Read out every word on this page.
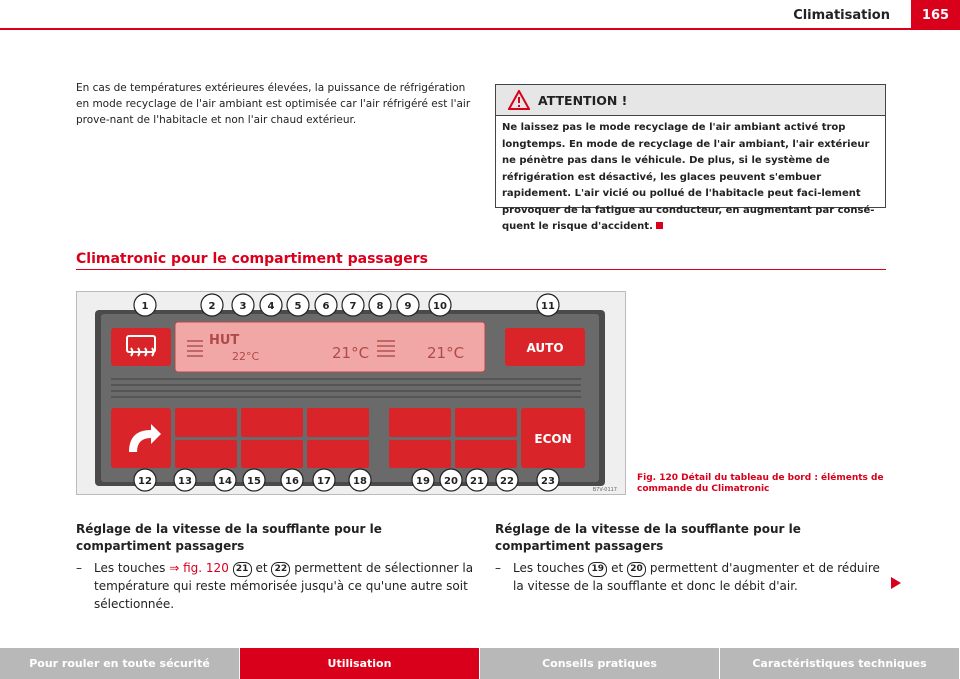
Climatisation	165
En cas de températures extérieures élevées, la puissance de réfrigération en mode recyclage de l'air ambiant est optimisée car l'air réfrigéré est l'air prove-nant de l'habitacle et non l'air chaud extérieur.
ATTENTION !
Ne laissez pas le mode recyclage de l'air ambiant activé trop longtemps. En mode de recyclage de l'air ambiant, l'air extérieur ne pénètre pas dans le véhicule. De plus, si le système de réfrigération est désactivé, les glaces peuvent s'embuer rapidement. L'air vicié ou pollué de l'habitacle peut faci-lement provoquer de la fatigue au conducteur, en augmentant par consé-quent le risque d'accident.
Climatronic pour le compartiment passagers
HUT
22°C	21°C	21°C	AUTO
ECON
1	2 3 4 5 6 7 8 9 10	11
12	13	14 15 16 17 18	19 20 21 22	23
B7V-0117
Fig. 120 Détail du tableau de bord : éléments de commande du Climatronic
Réglage de la vitesse de la soufflante pour le compartiment passagers
– Les touches ⇒ fig. 120 21 et 22 permettent de sélectionner la température qui reste mémorisée jusqu'à ce qu'une autre soit sélectionnée.
Réglage de la vitesse de la soufflante pour le compartiment passagers
– Les touches 19 et 20 permettent d'augmenter et de réduire la vitesse de la soufflante et donc le débit d'air.
Pour rouler en toute sécurité	Utilisation	Conseils pratiques	Caractéristiques techniques
